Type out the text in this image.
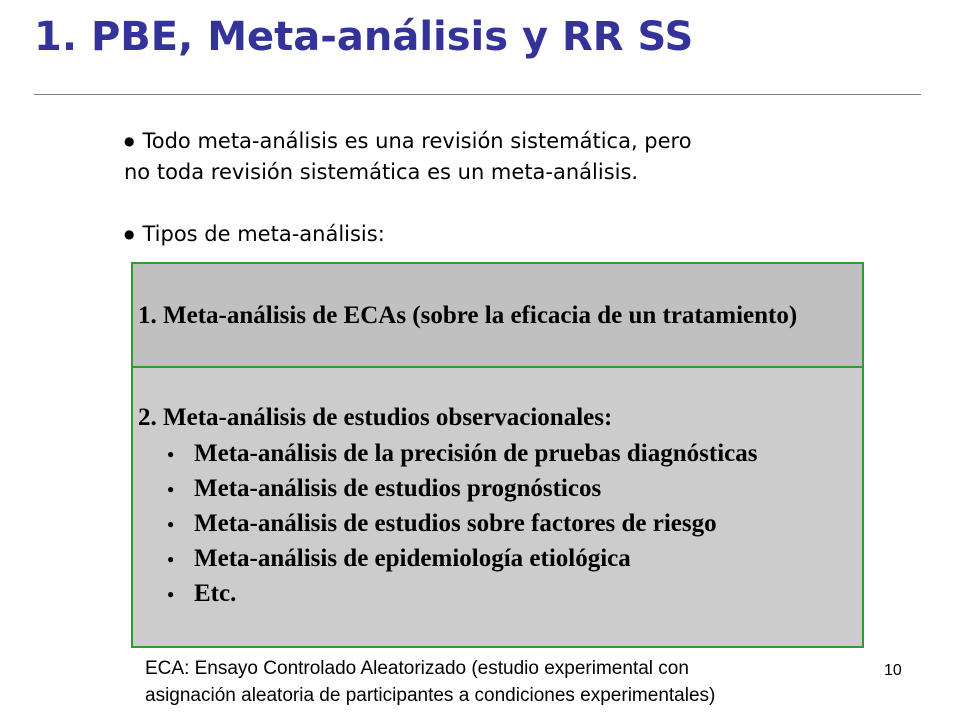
1. PBE, Meta-análisis y RR SS

● Todo meta-análisis es una revisión sistemática, pero
no toda revisión sistemática es un meta-análisis.

● Tipos de meta-análisis:

1. Meta-análisis de ECAs (sobre la eficacia de un tratamiento)
2. Meta-análisis de estudios observacionales:
● Meta-análisis de la precisión de pruebas diagnósticas
● Meta-análisis de estudios prognósticos
● Meta-análisis de estudios sobre factores de riesgo
● Meta-análisis de epidemiología etiológica
● Etc.

ECA: Ensayo Controlado Aleatorizado (estudio experimental con

asignación aleatoria de participantes a condiciones experimentales)

10
